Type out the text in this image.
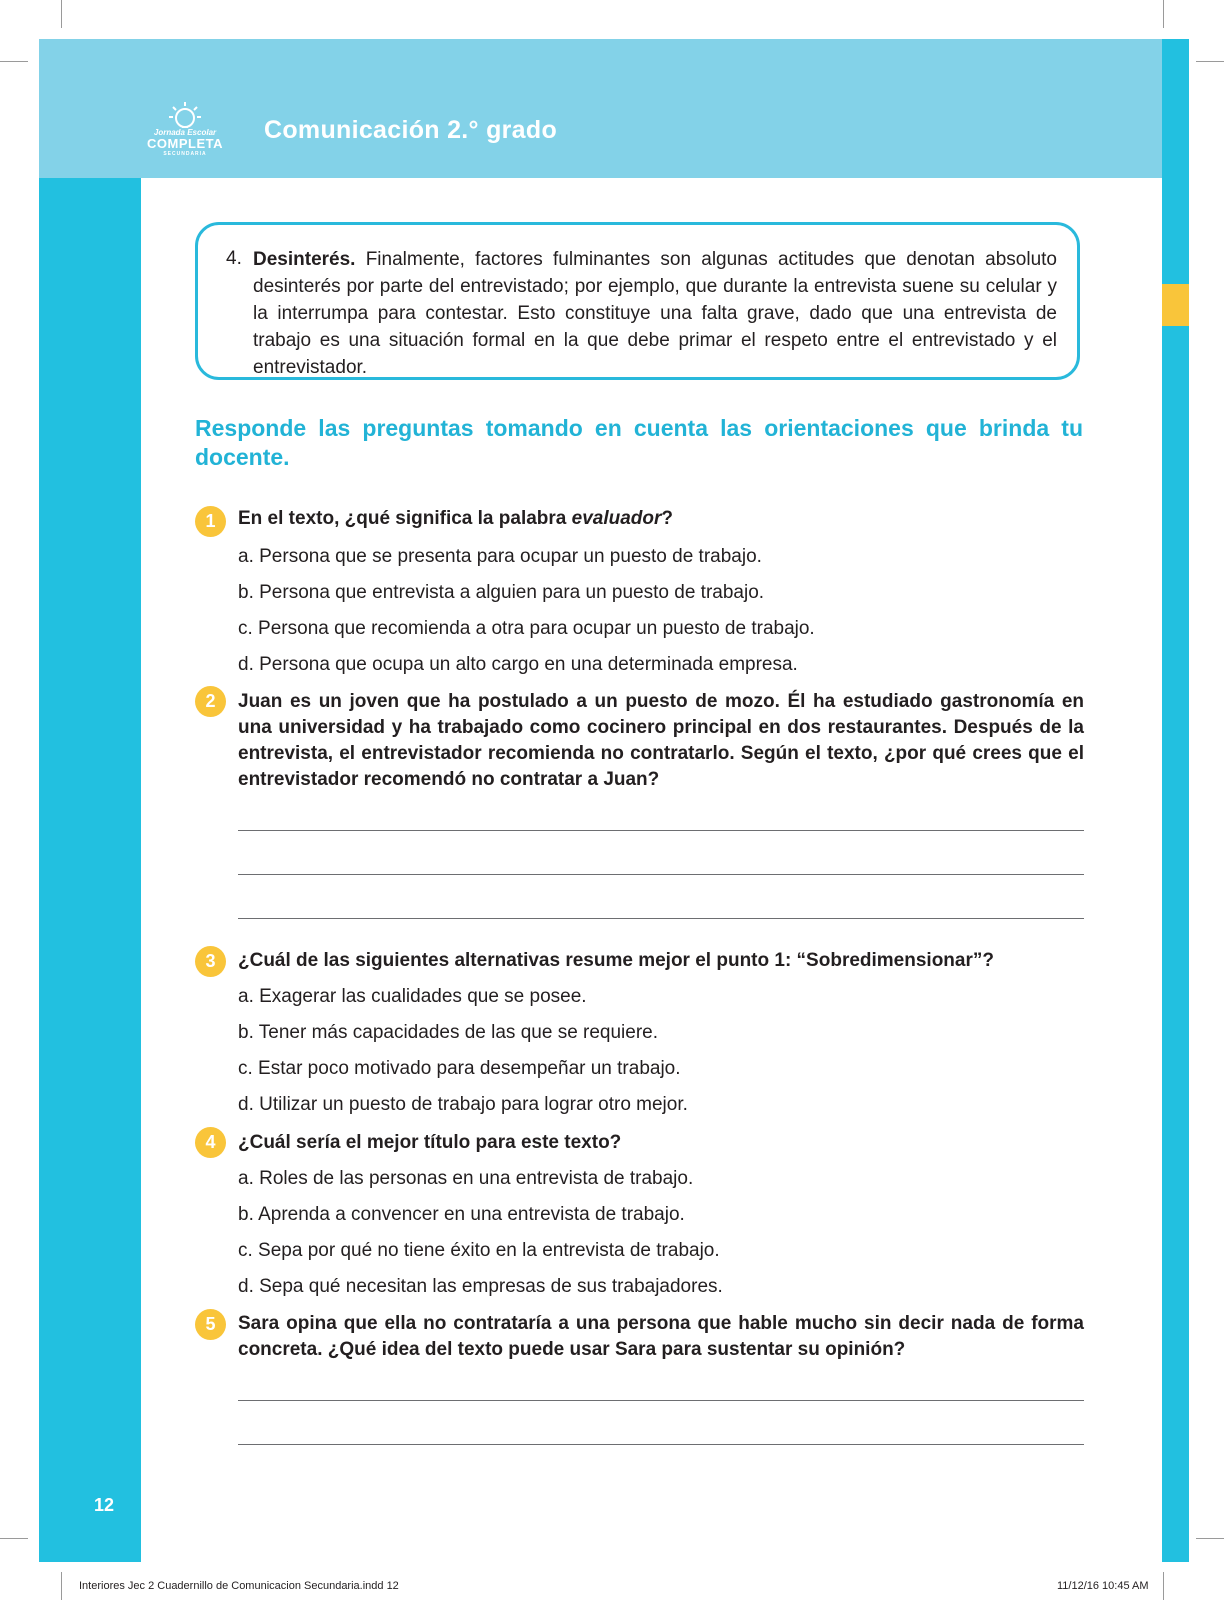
Jornada Escolar
COMPLETA
SECUNDARIA
Comunicación 2.° grado
4. Desinterés. Finalmente, factores fulminantes son algunas actitudes que denotan absoluto desinterés por parte del entrevistado; por ejemplo, que durante la entrevista suene su celular y la interrumpa para contestar. Esto constituye una falta grave, dado que una entrevista de trabajo es una situación formal en la que debe primar el respeto entre el entrevistado y el entrevistador.
Responde las preguntas tomando en cuenta las orientaciones que brinda tu docente.
1	En el texto, ¿qué significa la palabra evaluador?
a. Persona que se presenta para ocupar un puesto de trabajo.
b. Persona que entrevista a alguien para un puesto de trabajo.
c. Persona que recomienda a otra para ocupar un puesto de trabajo.
d. Persona que ocupa un alto cargo en una determinada empresa.
2	Juan es un joven que ha postulado a un puesto de mozo. Él ha estudiado gastronomía en una universidad y ha trabajado como cocinero principal en dos restaurantes. Después de la entrevista, el entrevistador recomienda no contratarlo. Según el texto, ¿por qué crees que el entrevistador recomendó no contratar a Juan?
3	¿Cuál de las siguientes alternativas resume mejor el punto 1: “Sobredimensionar”?
a. Exagerar las cualidades que se posee.
b. Tener más capacidades de las que se requiere.
c. Estar poco motivado para desempeñar un trabajo.
d. Utilizar un puesto de trabajo para lograr otro mejor.
4	¿Cuál sería el mejor título para este texto?
a. Roles de las personas en una entrevista de trabajo.
b. Aprenda a convencer en una entrevista de trabajo.
c. Sepa por qué no tiene éxito en la entrevista de trabajo.
d. Sepa qué necesitan las empresas de sus trabajadores.
5	Sara opina que ella no contrataría a una persona que hable mucho sin decir nada de forma concreta. ¿Qué idea del texto puede usar Sara para sustentar su opinión?
12
Interiores Jec 2 Cuadernillo de Comunicacion Secundaria.indd 12	11/12/16 10:45 AM
